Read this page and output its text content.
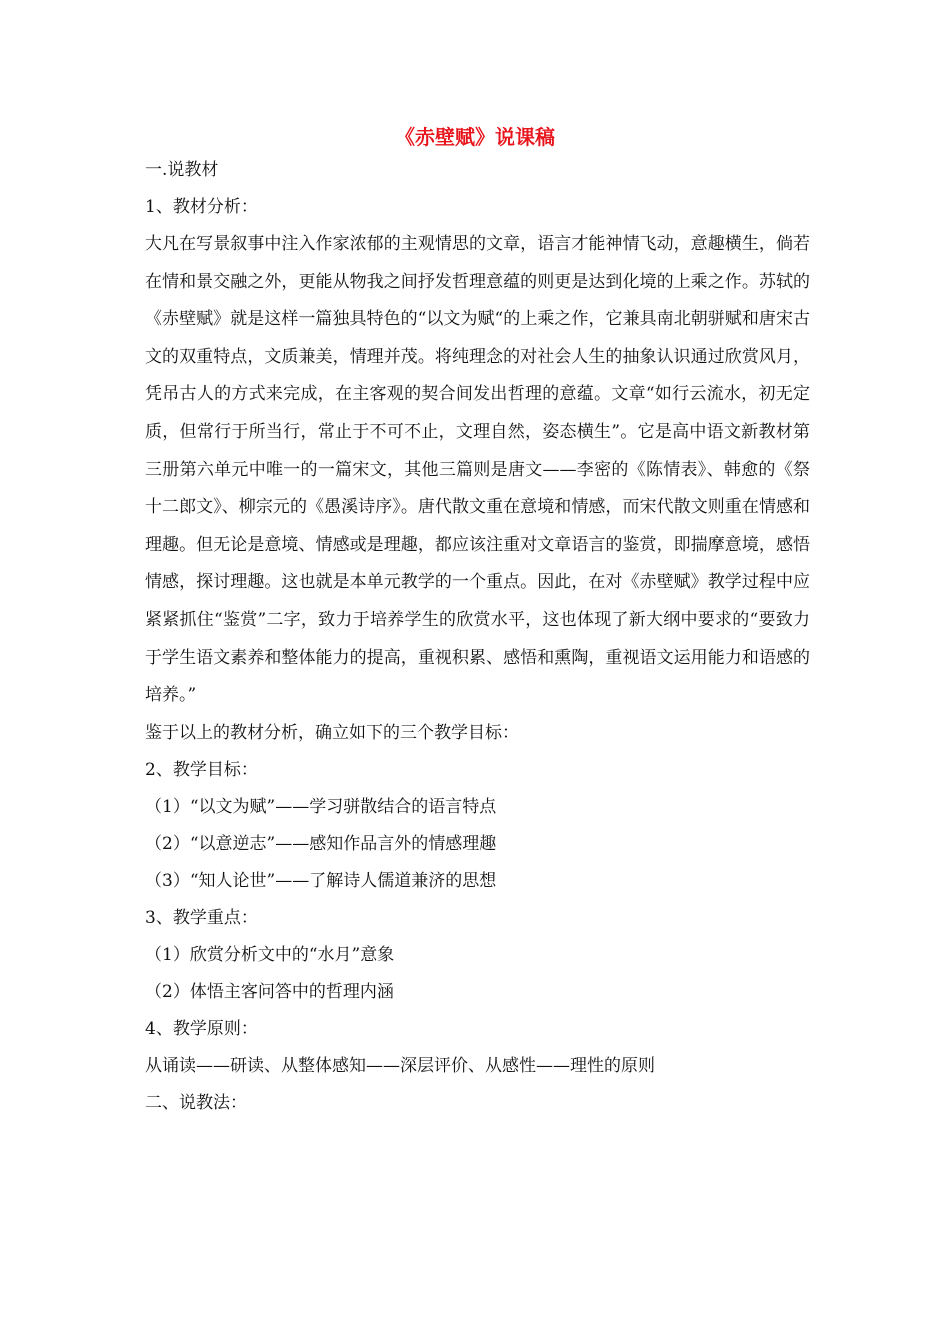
《赤壁赋》说课稿
一.说教材
1、教材分析：

大凡在写景叙事中注入作家浓郁的主观情思的文章，语言才能神情飞动，意趣横生，倘若在情和景交融之外，更能从物我之间抒发哲理意蕴的则更是达到化境的上乘之作。苏轼的《赤壁赋》就是这样一篇独具特色的“以文为赋“的上乘之作，它兼具南北朝骈赋和唐宋古文的双重特点，文质兼美，情理并茂。将纯理念的对社会人生的抽象认识通过欣赏风月，凭吊古人的方式来完成，在主客观的契合间发出哲理的意蕴。文章“如行云流水，初无定质，但常行于所当行，常止于不可不止，文理自然，姿态横生”。它是高中语文新教材第三册第六单元中唯一的一篇宋文，其他三篇则是唐文——李密的《陈情表》、韩愈的《祭十二郎文》、柳宗元的《愚溪诗序》。唐代散文重在意境和情感，而宋代散文则重在情感和理趣。但无论是意境、情感或是理趣，都应该注重对文章语言的鉴赏，即揣摩意境，感悟情感，探讨理趣。这也就是本单元教学的一个重点。因此，在对《赤壁赋》教学过程中应紧紧抓住“鉴赏”二字，致力于培养学生的欣赏水平，这也体现了新大纲中要求的“要致力于学生语文素养和整体能力的提高，重视积累、感悟和熏陶，重视语文运用能力和语感的培养。”

鉴于以上的教材分析，确立如下的三个教学目标：
2、教学目标：
（1）“以文为赋”——学习骈散结合的语言特点
（2）“以意逆志”——感知作品言外的情感理趣
（3）“知人论世”——了解诗人儒道兼济的思想
3、教学重点：
（1）欣赏分析文中的“水月”意象
（2）体悟主客问答中的哲理内涵
4、教学原则：
从诵读——研读、从整体感知——深层评价、从感性——理性的原则
二、说教法：
